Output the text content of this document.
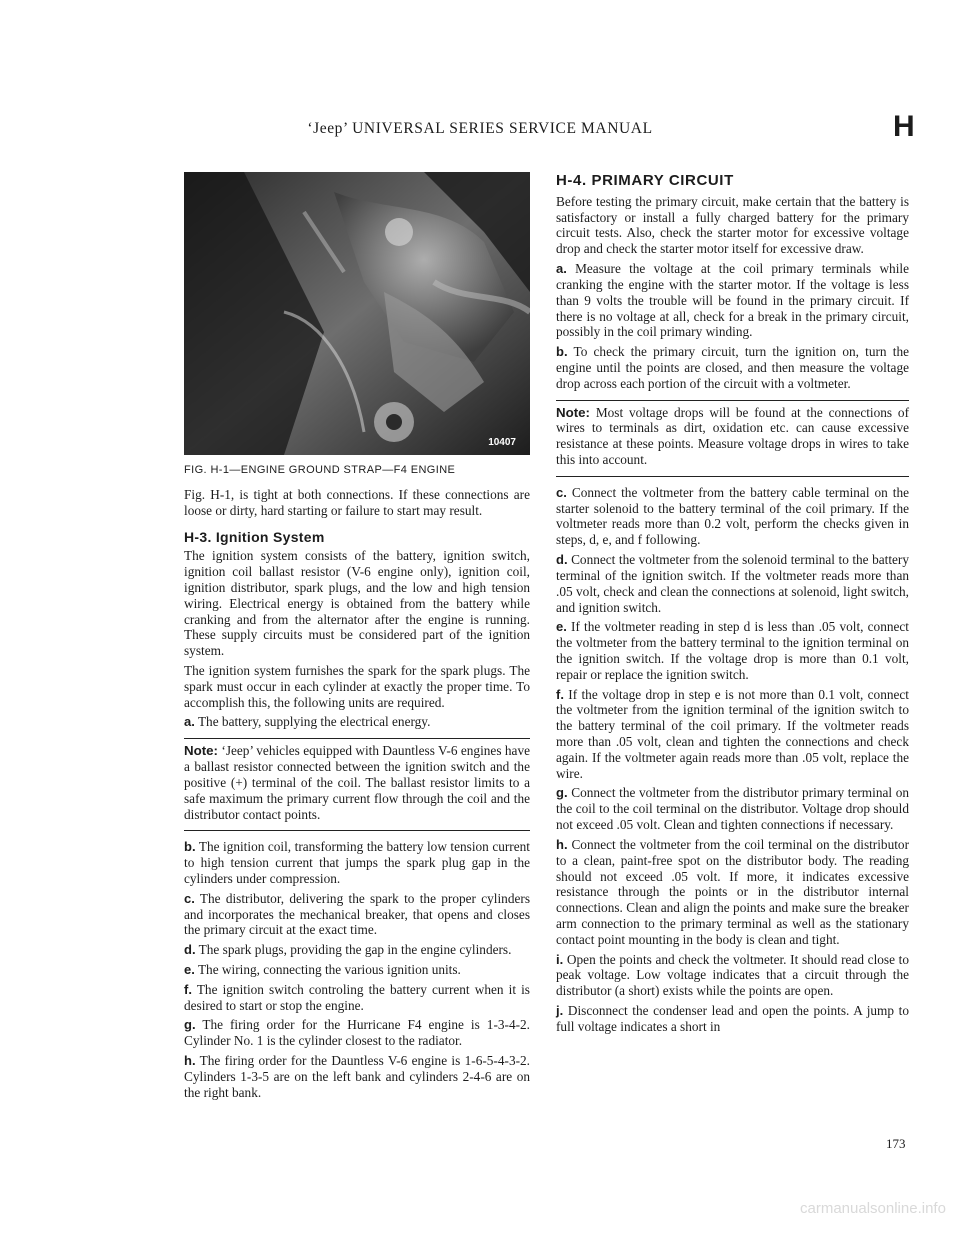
‘Jeep’ UNIVERSAL SERIES SERVICE MANUAL	H
10407
FIG. H-1—ENGINE GROUND STRAP—F4 ENGINE

Fig. H-1, is tight at both connections. If these connections are loose or dirty, hard starting or failure to start may result.

H-3. Ignition System

The ignition system consists of the battery, ignition switch, ignition coil ballast resistor (V-6 engine only), ignition coil, ignition distributor, spark plugs, and the low and high tension wiring. Electrical energy is obtained from the battery while cranking and from the alternator after the engine is running. These supply circuits must be considered part of the ignition system.

The ignition system furnishes the spark for the spark plugs. The spark must occur in each cylinder at exactly the proper time. To accomplish this, the following units are required.

a. The battery, supplying the electrical energy.

Note: ‘Jeep’ vehicles equipped with Dauntless V-6 engines have a ballast resistor connected between the ignition switch and the positive (+) terminal of the coil. The ballast resistor limits to a safe maximum the primary current flow through the coil and the distributor contact points.

b. The ignition coil, transforming the battery low tension current to high tension current that jumps the spark plug gap in the cylinders under compression.

c. The distributor, delivering the spark to the proper cylinders and incorporates the mechanical breaker, that opens and closes the primary circuit at the exact time.

d. The spark plugs, providing the gap in the engine cylinders.

e. The wiring, connecting the various ignition units.

f. The ignition switch controling the battery current when it is desired to start or stop the engine.

g. The firing order for the Hurricane F4 engine is 1-3-4-2. Cylinder No. 1 is the cylinder closest to the radiator.

h. The firing order for the Dauntless V-6 engine is 1-6-5-4-3-2. Cylinders 1-3-5 are on the left bank and cylinders 2-4-6 are on the right bank.

H-4. PRIMARY CIRCUIT

Before testing the primary circuit, make certain that the battery is satisfactory or install a fully charged battery for the primary circuit tests. Also, check the starter motor for excessive voltage drop and check the starter motor itself for excessive draw.

a. Measure the voltage at the coil primary terminals while cranking the engine with the starter motor. If the voltage is less than 9 volts the trouble will be found in the primary circuit. If there is no voltage at all, check for a break in the primary circuit, possibly in the coil primary winding.

b. To check the primary circuit, turn the ignition on, turn the engine until the points are closed, and then measure the voltage drop across each portion of the circuit with a voltmeter.

Note: Most voltage drops will be found at the connections of wires to terminals as dirt, oxidation etc. can cause excessive resistance at these points. Measure voltage drops in wires to take this into account.

c. Connect the voltmeter from the battery cable terminal on the starter solenoid to the battery terminal of the coil primary. If the voltmeter reads more than 0.2 volt, perform the checks given in steps, d, e, and f following.

d. Connect the voltmeter from the solenoid terminal to the battery terminal of the ignition switch. If the voltmeter reads more than .05 volt, check and clean the connections at solenoid, light switch, and ignition switch.

e. If the voltmeter reading in step d is less than .05 volt, connect the voltmeter from the battery terminal to the ignition terminal on the ignition switch. If the voltage drop is more than 0.1 volt, repair or replace the ignition switch.

f. If the voltage drop in step e is not more than 0.1 volt, connect the voltmeter from the ignition terminal of the ignition switch to the battery terminal of the coil primary. If the voltmeter reads more than .05 volt, clean and tighten the connections and check again. If the voltmeter again reads more than .05 volt, replace the wire.

g. Connect the voltmeter from the distributor primary terminal on the coil to the coil terminal on the distributor. Voltage drop should not exceed .05 volt. Clean and tighten connections if necessary.

h. Connect the voltmeter from the coil terminal on the distributor to a clean, paint-free spot on the distributor body. The reading should not exceed .05 volt. If more, it indicates excessive resistance through the points or in the distributor internal connections. Clean and align the points and make sure the breaker arm connection to the primary terminal as well as the stationary contact point mounting in the body is clean and tight.

i. Open the points and check the voltmeter. It should read close to peak voltage. Low voltage indicates that a circuit through the distributor (a short) exists while the points are open.

j. Disconnect the condenser lead and open the points. A jump to full voltage indicates a short in

173
carmanualsonline.info
